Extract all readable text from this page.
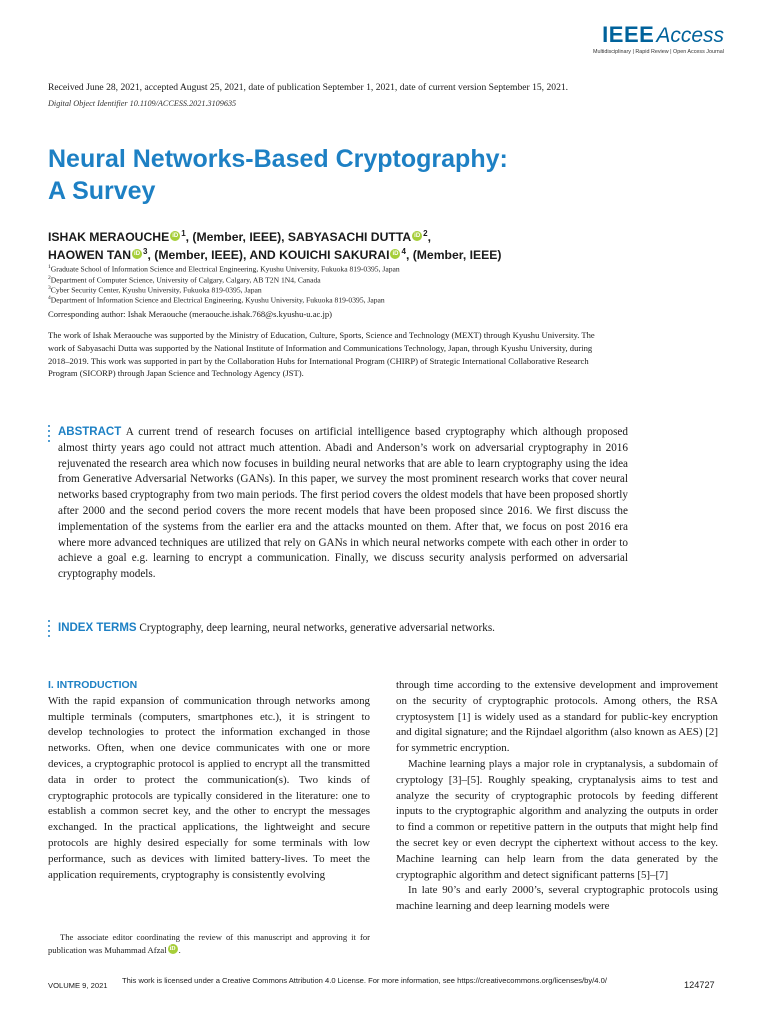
IEEEAccess
Multidisciplinary | Rapid Review | Open Access Journal
Received June 28, 2021, accepted August 25, 2021, date of publication September 1, 2021, date of current version September 15, 2021.
Digital Object Identifier 10.1109/ACCESS.2021.3109635
Neural Networks-Based Cryptography:
A Survey
ISHAK MERAOUCHE iD $^1$, (Member, IEEE), SABYASACHI DUTTA iD $^2$,
HAOWEN TAN iD $^3$, (Member, IEEE), AND KOUICHI SAKURAI iD $^4$, (Member, IEEE)
$^1$Graduate School of Information Science and Electrical Engineering, Kyushu University, Fukuoka 819-0395, Japan
$^2$Department of Computer Science, University of Calgary, Calgary, AB T2N 1N4, Canada
$^3$Cyber Security Center, Kyushu University, Fukuoka 819-0395, Japan
$^4$Department of Information Science and Electrical Engineering, Kyushu University, Fukuoka 819-0395, Japan
Corresponding author: Ishak Meraouche (meraouche.ishak.768@s.kyushu-u.ac.jp)
The work of Ishak Meraouche was supported by the Ministry of Education, Culture, Sports, Science and Technology (MEXT) through Kyushu University. The work of Sabyasachi Dutta was supported by the National Institute of Information and Communications Technology, Japan, through Kyushu University, during 2018–2019. This work was supported in part by the Collaboration Hubs for International Program (CHIRP) of Strategic International Collaborative Research Program (SICORP) through Japan Science and Technology Agency (JST).
ABSTRACT A current trend of research focuses on artificial intelligence based cryptography which although proposed almost thirty years ago could not attract much attention. Abadi and Anderson’s work on adversarial cryptography in 2016 rejuvenated the research area which now focuses in building neural networks that are able to learn cryptography using the idea from Generative Adversarial Networks (GANs). In this paper, we survey the most prominent research works that cover neural networks based cryptography from two main periods. The first period covers the oldest models that have been proposed shortly after 2000 and the second period covers the more recent models that have been proposed since 2016. We first discuss the implementation of the systems from the earlier era and the attacks mounted on them. After that, we focus on post 2016 era where more advanced techniques are utilized that rely on GANs in which neural networks compete with each other in order to achieve a goal e.g. learning to encrypt a communication. Finally, we discuss security analysis performed on adversarial cryptography models.
INDEX TERMS Cryptography, deep learning, neural networks, generative adversarial networks.
I. INTRODUCTION
With the rapid expansion of communication through networks among multiple terminals (computers, smartphones etc.), it is stringent to develop technologies to protect the information exchanged in those networks. Often, when one device communicates with one or more devices, a cryptographic protocol is applied to encrypt all the transmitted data in order to protect the communication(s). Two kinds of cryptographic protocols are typically considered in the literature: one to establish a common secret key, and the other to encrypt the messages exchanged. In the practical applications, the lightweight and secure protocols are highly desired especially for some terminals with low performance, such as devices with limited battery-lives. To meet the application requirements, cryptography is consistently evolving
The associate editor coordinating the review of this manuscript and approving it for publication was Muhammad Afzal iD .
through time according to the extensive development and improvement on the security of cryptographic protocols. Among others, the RSA cryptosystem [1] is widely used as a standard for public-key encryption and digital signature; and the Rijndael algorithm (also known as AES) [2] for symmetric encryption.
Machine learning plays a major role in cryptanalysis, a subdomain of cryptology [3]–[5]. Roughly speaking, cryptanalysis aims to test and analyze the security of cryptographic protocols by feeding different inputs to the cryptographic algorithm and analyzing the outputs in order to find a common or repetitive pattern in the outputs that might help find the secret key or even decrypt the ciphertext without access to the key. Machine learning can help learn from the data generated by the cryptographic algorithm and detect significant patterns [5]–[7]
In late 90’s and early 2000’s, several cryptographic protocols using machine learning and deep learning models were
VOLUME 9, 2021
This work is licensed under a Creative Commons Attribution 4.0 License. For more information, see https://creativecommons.org/licenses/by/4.0/	124727
